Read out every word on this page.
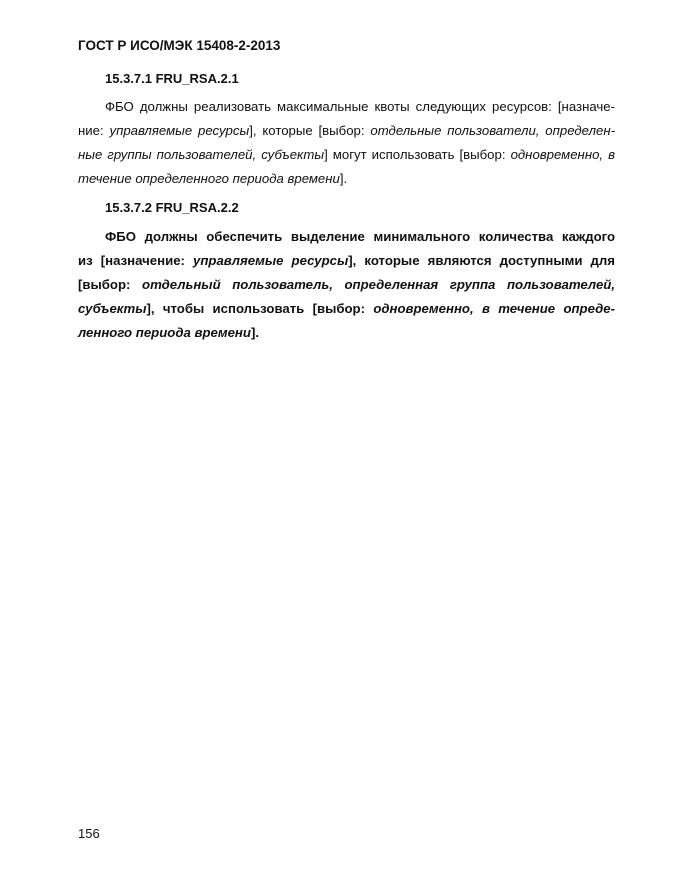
ГОСТ Р ИСО/МЭК 15408-2-2013
15.3.7.1 FRU_RSA.2.1
ФБО должны реализовать максимальные квоты следующих ресурсов: [назначе-
ние: управляемые ресурсы], которые [выбор: отдельные пользователи, определен-
ные группы пользователей, субъекты] могут использовать [выбор: одновременно, в
течение определенного периода времени].
15.3.7.2 FRU_RSA.2.2
ФБО должны обеспечить выделение минимального количества каждого
из [назначение: управляемые ресурсы], которые являются доступными для
[выбор: отдельный пользователь, определенная группа пользователей,
субъекты], чтобы использовать [выбор: одновременно, в течение опреде-
ленного периода времени].
156
